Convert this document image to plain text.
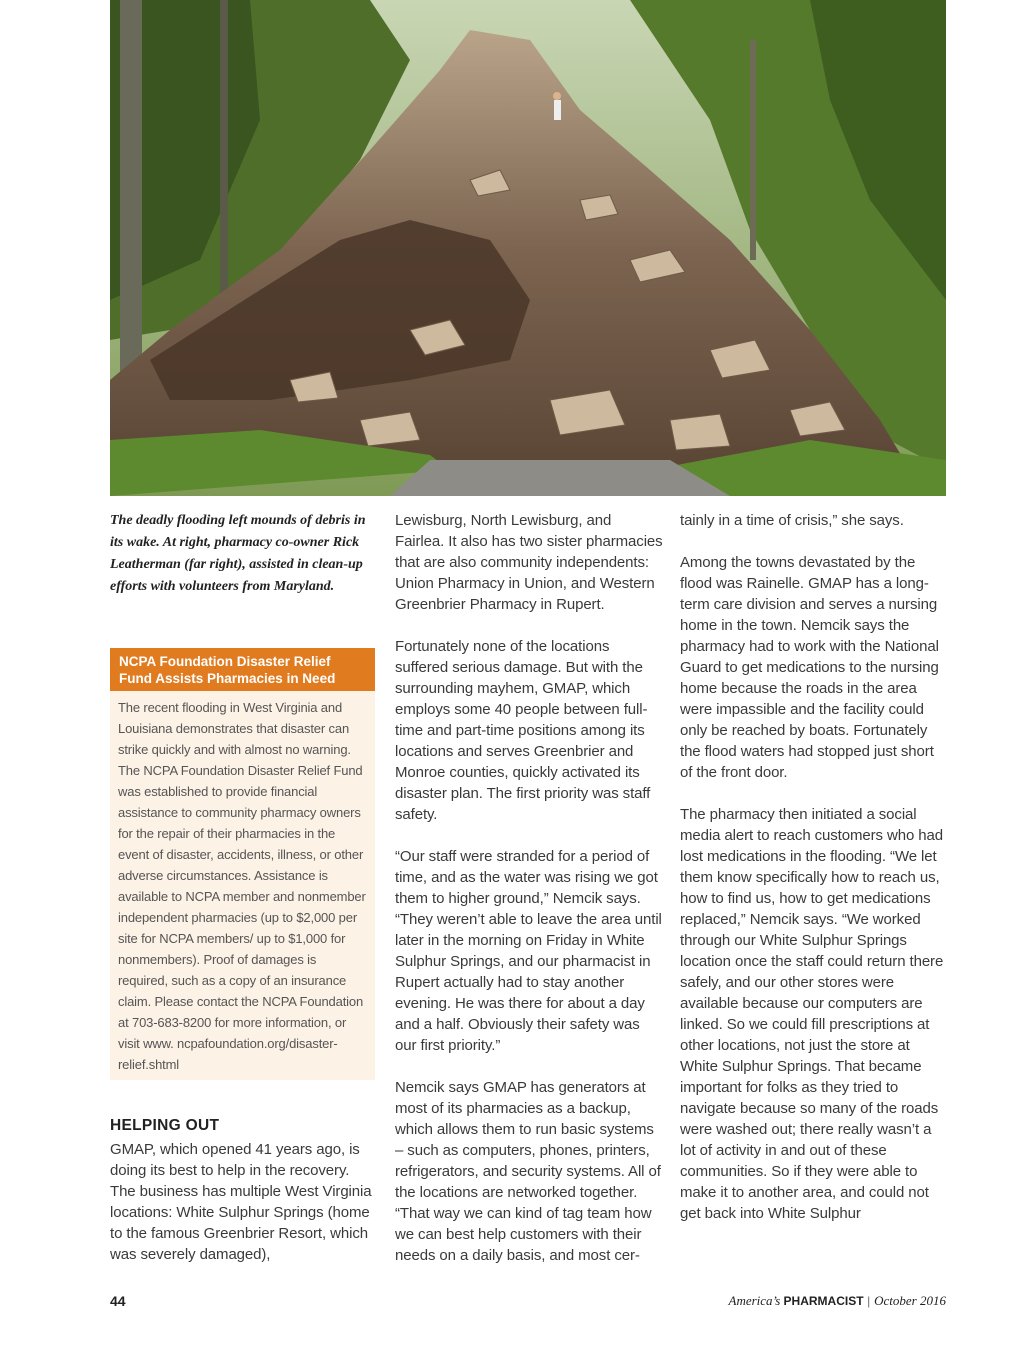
The deadly flooding left mounds of debris in its wake. At right, pharmacy co-owner Rick Leatherman (far right), assisted in clean-up efforts with volunteers from Maryland.

NCPA Foundation Disaster Relief Fund Assists Pharmacies in Need

The recent flooding in West Virginia and Louisiana demonstrates that disaster can strike quickly and with almost no warning. The NCPA Foundation Disaster Relief Fund was established to provide financial assistance to community pharmacy owners for the repair of their pharmacies in the event of disaster, accidents, illness, or other adverse circumstances. Assistance is available to NCPA member and nonmember independent pharmacies (up to $2,000 per site for NCPA members/ up to $1,000 for nonmembers). Proof of damages is required, such as a copy of an insurance claim. Please contact the NCPA Foundation at 703-683-8200 for more information, or visit www. ncpafoundation.org/disaster-relief.shtml

HELPING OUT

GMAP, which opened 41 years ago, is doing its best to help in the recovery. The business has multiple West Virginia locations: White Sulphur Springs (home to the famous Greenbrier Resort, which was severely damaged),

Lewisburg, North Lewisburg, and Fairlea. It also has two sister pharmacies that are also community independents: Union Pharmacy in Union, and Western Greenbrier Pharmacy in Rupert.

Fortunately none of the locations suffered serious damage. But with the surrounding mayhem, GMAP, which employs some 40 people between full-time and part-time positions among its locations and serves Greenbrier and Monroe counties, quickly activated its disaster plan. The first priority was staff safety.

“Our staff were stranded for a period of time, and as the water was rising we got them to higher ground,” Nemcik says. “They weren’t able to leave the area until later in the morning on Friday in White Sulphur Springs, and our pharmacist in Rupert actually had to stay another evening. He was there for about a day and a half. Obviously their safety was our first priority.”

Nemcik says GMAP has generators at most of its pharmacies as a backup, which allows them to run basic systems – such as computers, phones, printers, refrigerators, and security systems. All of the locations are networked together. “That way we can kind of tag team how we can best help customers with their needs on a daily basis, and most cer-

tainly in a time of crisis,” she says.

Among the towns devastated by the flood was Rainelle. GMAP has a long-term care division and serves a nursing home in the town. Nemcik says the pharmacy had to work with the National Guard to get medications to the nursing home because the roads in the area were impassible and the facility could only be reached by boats. Fortunately the flood waters had stopped just short of the front door.

The pharmacy then initiated a social media alert to reach customers who had lost medications in the flooding. “We let them know specifically how to reach us, how to find us, how to get medications replaced,” Nemcik says. “We worked through our White Sulphur Springs location once the staff could return there safely, and our other stores were available because our computers are linked. So we could fill prescriptions at other locations, not just the store at White Sulphur Springs. That became important for folks as they tried to navigate because so many of the roads were washed out; there really wasn’t a lot of activity in and out of these communities. So if they were able to make it to another area, and could not get back into White Sulphur

44	America’s PHARMACIST | October 2016
